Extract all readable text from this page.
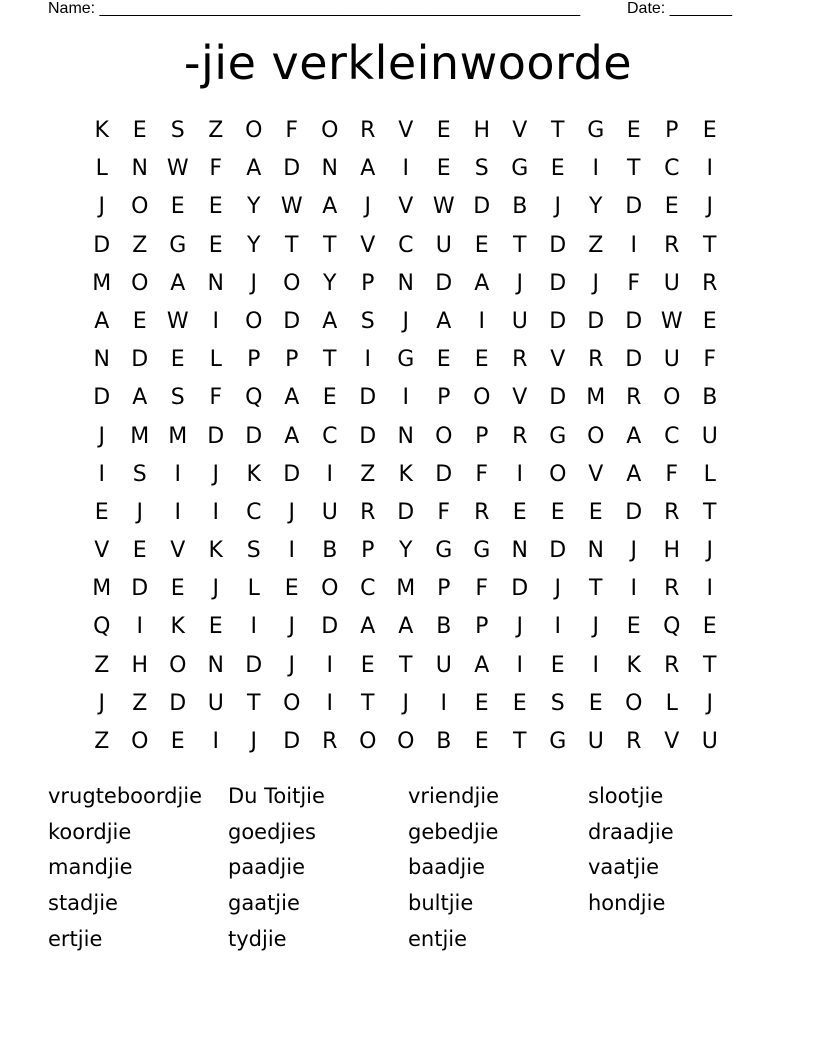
Name: ______________________________________________________	Date: _______
-jie verkleinwoorde
K	E	S	Z O	F	O R	V	E	H V	T	G	E	P	E
L	N W F	A D N A	I	E	S G	E	I	T	C	I
J	O E	E	Y W A	J	V W D B	J	Y	D	E	J
D Z G	E	Y	T	T	V	C U	E	T	D Z	I	R	T
M O A N	J	O	Y	P	N D A	J	D	J	F	U R
A	E W	I	O D A	S	J	A	I	U D D D W E
N D	E	L	P	P	T	I	G	E	E	R	V	R D U	F
D A	S	F	Q A	E	D	I	P	O V D M R O B
J	M M D D A	C D N O	P	R G O A	C U
I	S	I	J	K D	I	Z	K D	F	I	O V	A	F	L
E	J	I	I	C	J	U R D	F	R	E	E	E	D R	T
V	E	V	K	S	I	B	P	Y	G G N D N	J	H	J
M D	E	J	L	E O C M P	F	D	J	T	I	R	I
Q	I	K	E	I	J	D A	A	B	P	J	I	J	E Q E
Z H O N D	J	I	E	T	U A	I	E	I	K	R	T
J	Z D U	T	O	I	T	J	I	E	E	S	E O	L	J
Z O E	I	J	D R O O B	E	T	G U R	V U
vrugteboordjie	Du Toitjie	vriendjie	slootjie
koordjie	goedjies	gebedjie	draadjie
mandjie	paadjie	baadjie	vaatjie
stadjie	gaatjie	bultjie	hondjie
ertjie	tydjie	entjie
